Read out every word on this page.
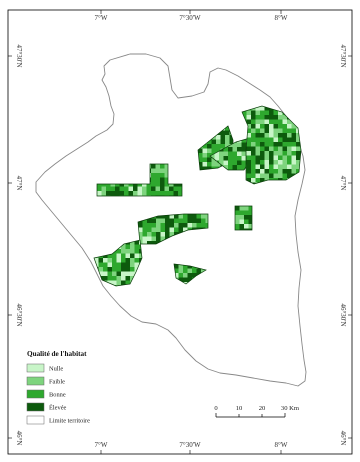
7°W	7°30'W	8°W
7°W	7°30'W	8°W
47°30'N
47°N
46°30'N
46°N
47°30'N
47°N
46°30'N
46°N
Qualité de l'habitat
Nulle
Faible
Bonne
Élevée
Limite territoire
0	10 20 30 Km
